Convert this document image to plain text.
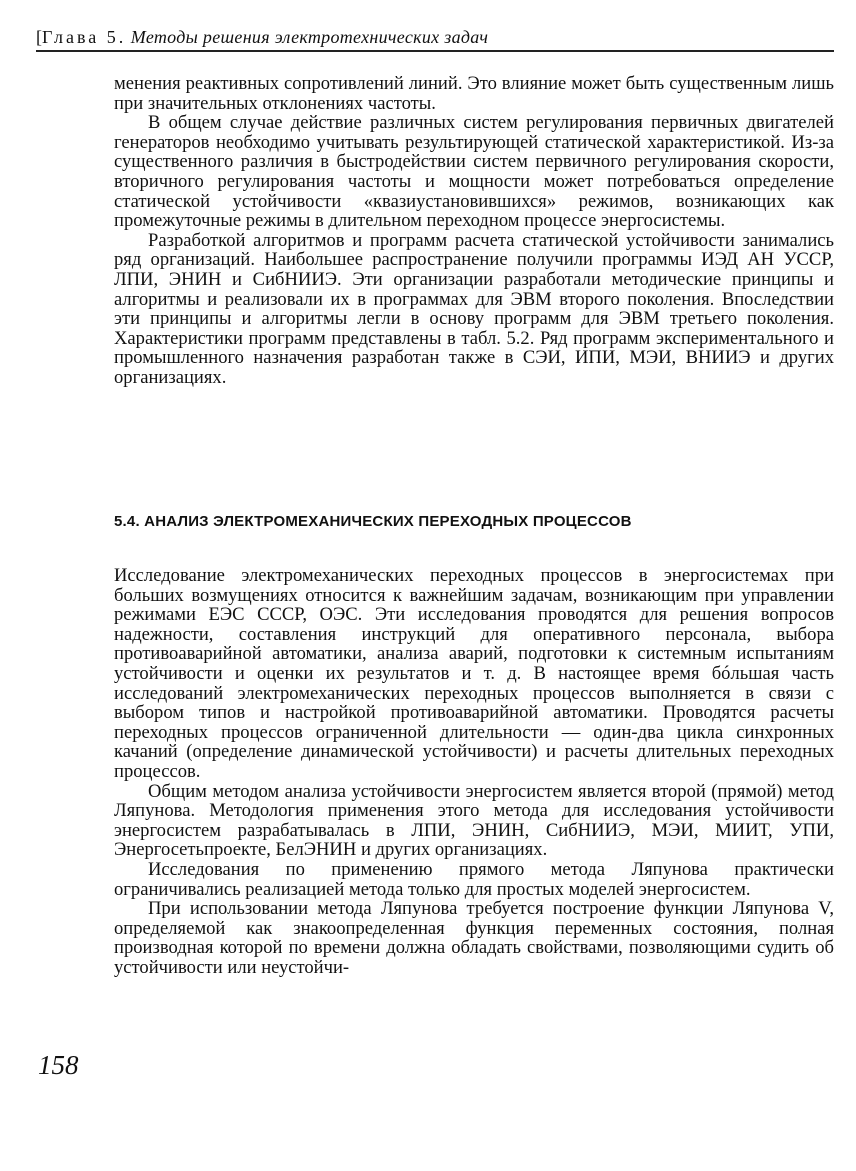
[Глава 5. Методы решения электротехнических задач

менения реактивных сопротивлений линий. Это влияние может быть существенным лишь при значительных отклонениях частоты.

В общем случае действие различных систем регулирования первичных двигателей генераторов необходимо учитывать результирующей статической характеристикой. Из-за существенного различия в быстродействии систем первичного регулирования скорости, вторичного регулирования частоты и мощности может потребоваться определение статической устойчивости «квазиустановившихся» режимов, возникающих как промежуточные режимы в длительном переходном процессе энергосистемы.

Разработкой алгоритмов и программ расчета статической устойчивости занимались ряд организаций. Наибольшее распространение получили программы ИЭД АН УССР, ЛПИ, ЭНИН и СибНИИЭ. Эти организации разработали методические принципы и алгоритмы и реализовали их в программах для ЭВМ второго поколения. Впоследствии эти принципы и алгоритмы легли в основу программ для ЭВМ третьего поколения. Характеристики программ представлены в табл. 5.2. Ряд программ экспериментального и промышленного назначения разработан также в СЭИ, ИПИ, МЭИ, ВНИИЭ и других организациях.

5.4. АНАЛИЗ ЭЛЕКТРОМЕХАНИЧЕСКИХ ПЕРЕХОДНЫХ ПРОЦЕССОВ

Исследование электромеханических переходных процессов в энергосистемах при больших возмущениях относится к важнейшим задачам, возникающим при управлении режимами ЕЭС СССР, ОЭС. Эти исследования проводятся для решения вопросов надежности, составления инструкций для оперативного персонала, выбора противоаварийной автоматики, анализа аварий, подготовки к системным испытаниям устойчивости и оценки их результатов и т. д. В настоящее время бóльшая часть исследований электромеханических переходных процессов выполняется в связи с выбором типов и настройкой противоаварийной автоматики. Проводятся расчеты переходных процессов ограниченной длительности — один-два цикла синхронных качаний (определение динамической устойчивости) и расчеты длительных переходных процессов.

Общим методом анализа устойчивости энергосистем является второй (прямой) метод Ляпунова. Методология применения этого метода для исследования устойчивости энергосистем разрабатывалась в ЛПИ, ЭНИН, СибНИИЭ, МЭИ, МИИТ, УПИ, Энергосетьпроекте, БелЭНИН и других организациях.

Исследования по применению прямого метода Ляпунова практически ограничивались реализацией метода только для простых моделей энергосистем.

При использовании метода Ляпунова требуется построение функции Ляпунова V, определяемой как знакоопределенная функция переменных состояния, полная производная которой по времени должна обладать свойствами, позволяющими судить об устойчивости или неустойчи-

158
